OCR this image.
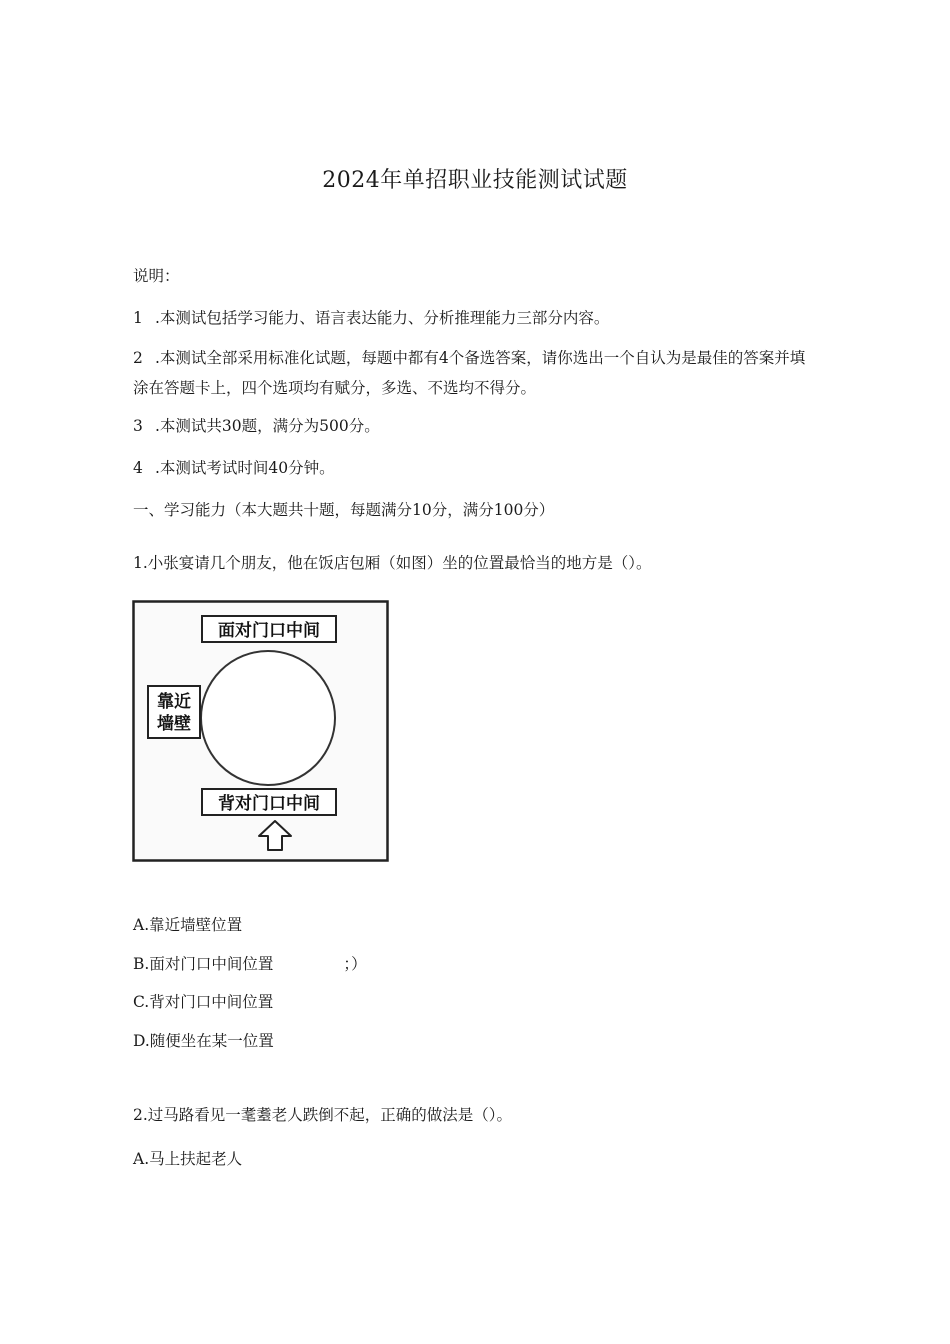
2024年单招职业技能测试试题
说明：
1 .本测试包括学习能力、语言表达能力、分析推理能力三部分内容。
2 .本测试全部采用标准化试题，每题中都有4个备选答案，请你选出一个自认为是最佳的答案并填涂在答题卡上，四个选项均有赋分，多选、不选均不得分。
3 .本测试共30题，满分为500分。
4 .本测试考试时间40分钟。
一、学习能力（本大题共十题，每题满分10分，满分100分）
1.小张宴请几个朋友，他在饭店包厢（如图）坐的位置最恰当的地方是（）。
面对门口中间
靠近
墙壁
背对门口中间
A.靠近墙壁位置
B.面对门口中间位置	；）
C.背对门口中间位置
D.随便坐在某一位置
2.过马路看见一耄耋老人跌倒不起，正确的做法是（）。
A.马上扶起老人
